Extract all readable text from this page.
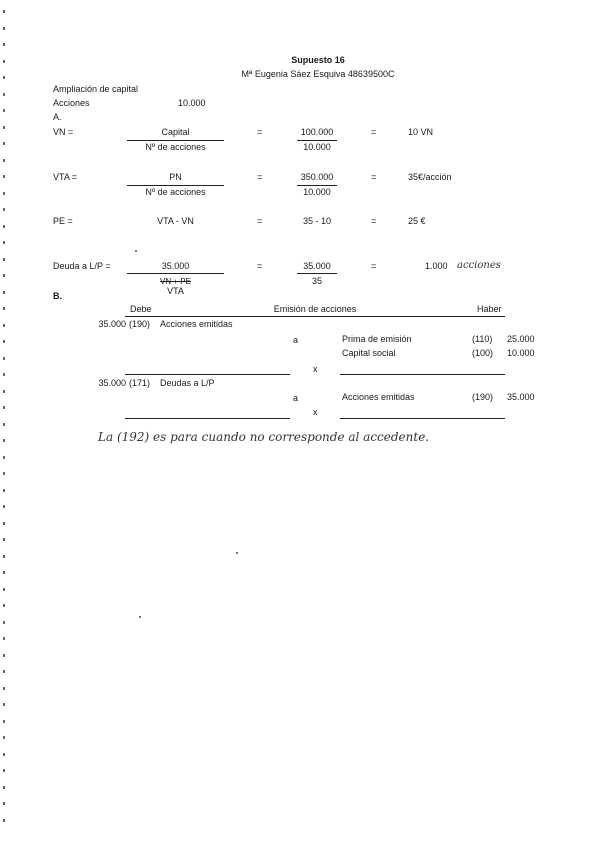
Supuesto 16
Mª Eugenia Sáez Esquiva 48639500C
Ampliación de capital
Acciones	10.000
A.
VN =	Capital
Nº de acciones
=	100.000
10.000
=	10 VN
VTA =	PN
Nº de acciones
=	350.000
10.000
=	35€/acción
PE =	VTA - VN	=	35 - 10	=	25 €
Deuda a L/P =	35.000
VN + PE
VTA
=	35.000
35
=	1.000 acciones
B.
Debe	Emisión de acciones	Haber
35.000 (190) Acciones emitidas
a	Prima de emisión	(110) 25.000
Capital social	(100) 10.000
x
35.000 (171) Deudas a L/P
a	Acciones emitidas	(190) 35.000
x
La (192) es para cuando no corresponde al accedente.
